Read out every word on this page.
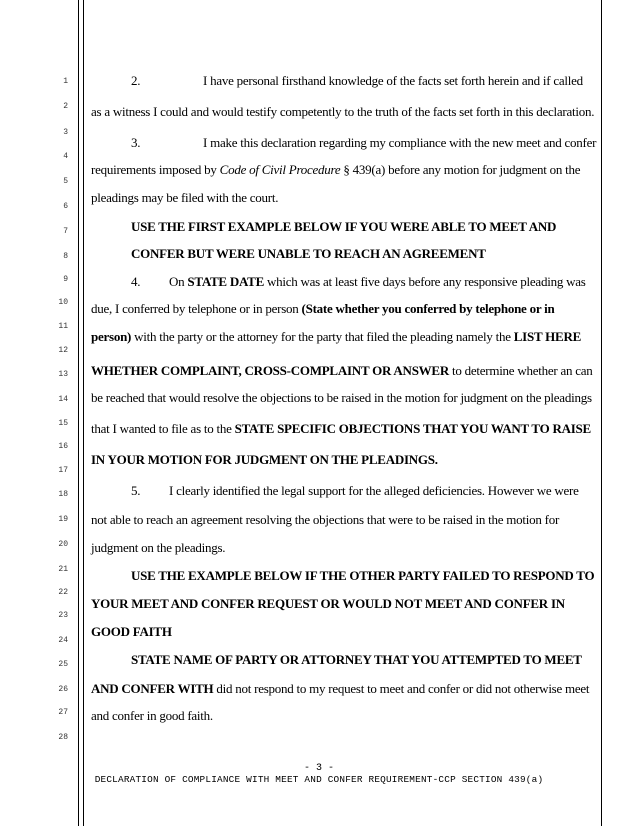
1
2
3
4
5
6
7
8
9
10
11
12
13
14
15
16
17
18
19
20
21
22
23
24
25
26
27
28
2.	I have personal firsthand knowledge of the facts set forth herein and if called
as a witness I could and would testify competently to the truth of the facts set forth in this declaration.
3.	I make this declaration regarding my compliance with the new meet and confer
requirements imposed by Code of Civil Procedure § 439(a) before any motion for judgment on the
pleadings may be filed with the court.
USE THE FIRST EXAMPLE BELOW IF YOU WERE ABLE TO MEET AND
CONFER BUT WERE UNABLE TO REACH AN AGREEMENT
4. On STATE DATE which was at least five days before any responsive pleading was
due, I conferred by telephone or in person (State whether you conferred by telephone or in
person) with the party or the attorney for the party that filed the pleading namely the LIST HERE
WHETHER COMPLAINT, CROSS-COMPLAINT OR ANSWER to determine whether an can
be reached that would resolve the objections to be raised in the motion for judgment on the pleadings
that I wanted to file as to the STATE SPECIFIC OBJECTIONS THAT YOU WANT TO RAISE
IN YOUR MOTION FOR JUDGMENT ON THE PLEADINGS.
5. I clearly identified the legal support for the alleged deficiencies. However we were
not able to reach an agreement resolving the objections that were to be raised in the motion for
judgment on the pleadings.
USE THE EXAMPLE BELOW IF THE OTHER PARTY FAILED TO RESPOND TO
YOUR MEET AND CONFER REQUEST OR WOULD NOT MEET AND CONFER IN
GOOD FAITH
STATE NAME OF PARTY OR ATTORNEY THAT YOU ATTEMPTED TO MEET
AND CONFER WITH did not respond to my request to meet and confer or did not otherwise meet
and confer in good faith.
- 3 -
DECLARATION OF COMPLIANCE WITH MEET AND CONFER REQUIREMENT-CCP SECTION 439(a)
